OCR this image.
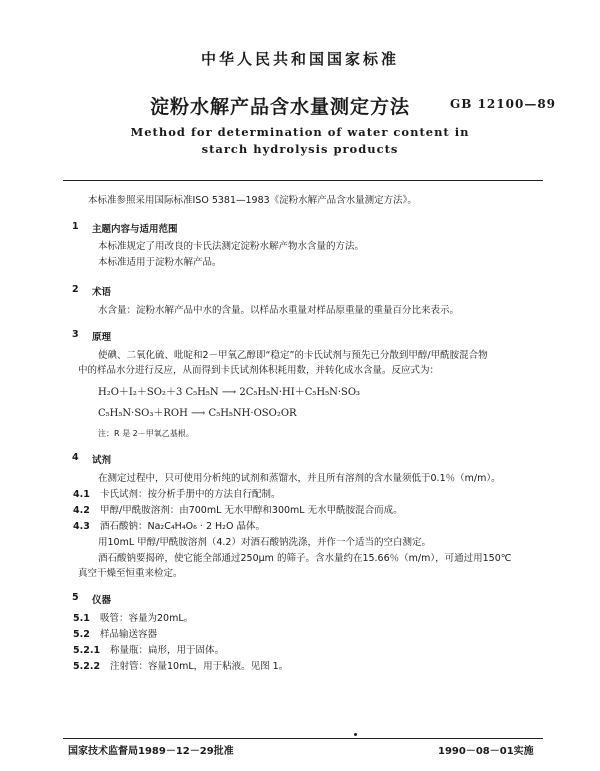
中华人民共和国国家标准
淀粉水解产品含水量测定方法	GB 12100—89
Method for determination of water content in
starch hydrolysis products
本标准参照采用国际标准ISO 5381—1983《淀粉水解产品含水量测定方法》。
1 主题内容与适用范围
本标准规定了用改良的卡氏法测定淀粉水解产物水含量的方法。
本标准适用于淀粉水解产品。
2 术语
水含量：淀粉水解产品中水的含量。以样品水重量对样品原重量的重量百分比来表示。
3 原理
使碘、二氧化硫、吡啶和2－甲氧乙醇即“稳定”的卡氏试剂与预先已分散到甲醇/甲酰胺混合物
中的样品水分进行反应，从而得到卡氏试剂体积耗用数，并转化成水含量。反应式为：
H₂O＋I₂＋SO₂＋3 C₅H₅N ⟶ 2C₅H₅N·HI＋C₅H₅N·SO₃
C₅H₅N·SO₃＋ROH ⟶ C₅H₅NH·OSO₂OR
注：R 是 2－甲氧乙基根。
4 试剂
在测定过程中，只可使用分析纯的试剂和蒸馏水，并且所有溶剂的含水量须低于0.1％（m/m）。
4.1 卡氏试剂：按分析手册中的方法自行配制。
4.2 甲醇/甲酰胺溶剂：由700mL 无水甲醇和300mL 无水甲酰胺混合而成。
4.3 酒石酸钠：Na₂C₄H₄O₆ · 2 H₂O 晶体。
用10mL 甲醇/甲酰胺溶剂（4.2）对酒石酸钠洗涤，并作一个适当的空白测定。
酒石酸钠要揭碎，使它能全部通过250μm 的筛子。含水量约在15.66％（m/m），可通过用150℃
真空干燥至恒重来检定。
5 仪器
5.1 吸管：容量为20mL。
5.2 样品输送容器
5.2.1 称量瓶：扁形，用于固体。
5.2.2 注射管：容量10mL，用于粘液。见图 1。
国家技术监督局1989－12－29批准	1990－08－01实施
